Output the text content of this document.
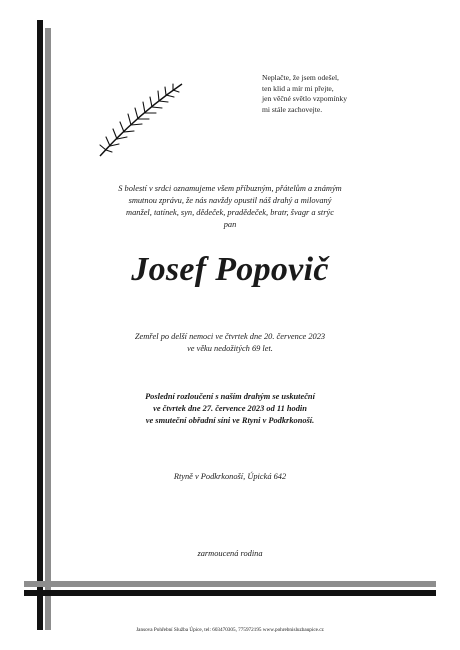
Neplačte, že jsem odešel,
ten klid a mír mi přejte,
jen věčné světlo vzpomínky
mi stále zachovejte.
S bolestí v srdci oznamujeme všem příbuzným, přátelům a známým
smutnou zprávu, že nás navždy opustil náš drahý a milovaný
manžel, tatínek, syn, dědeček, pradědeček, bratr, švagr a strýc
pan
Josef Popovič
Zemřel po delší nemoci ve čtvrtek dne 20. července 2023
ve věku nedožitých 69 let.
Poslední rozloučení s naším drahým se uskuteční
ve čtvrtek dne 27. července 2023 od 11 hodin
ve smuteční obřadní síni ve Rtyni v Podkrkonoší.
Rtyně v Podkrkonoší, Úpická 642
zarmoucená rodina
Jansova Pohřební Služba Úpice, tel: 603470305, 775972195 www.pohrebnisluzbaupice.cz
